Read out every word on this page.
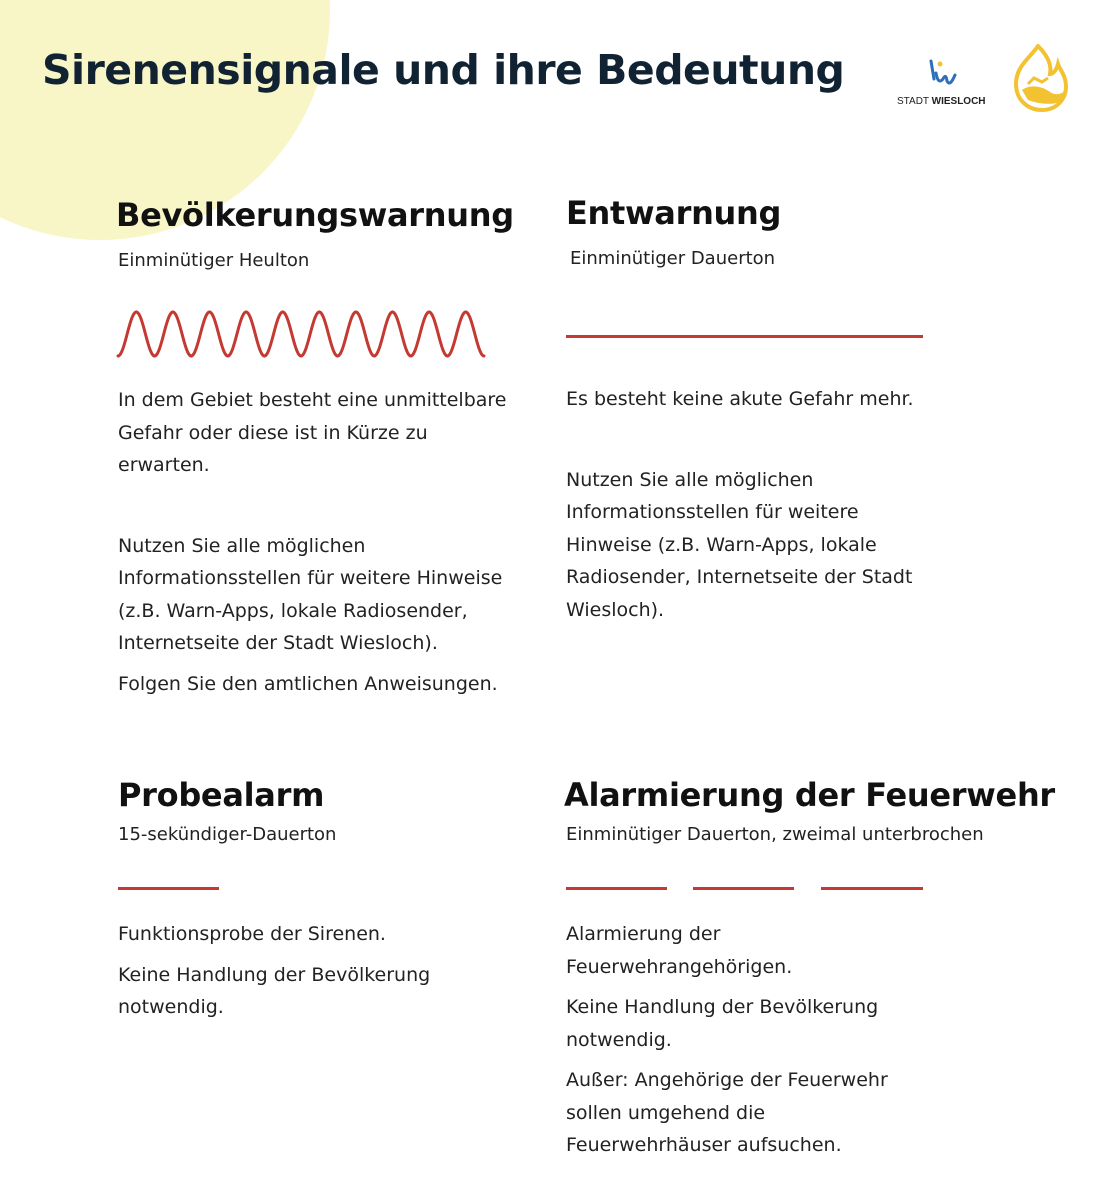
Sirenensignale und ihre Bedeutung
STADT WIESLOCH
Bevölkerungswarnung

Einminütiger Heulton

In dem Gebiet besteht eine unmittelbare Gefahr oder diese ist in Kürze zu erwarten.

Nutzen Sie alle möglichen Informationsstellen für weitere Hinweise (z.B. Warn-Apps, lokale Radiosender, Internetseite der Stadt Wiesloch).

Folgen Sie den amtlichen Anweisungen.

Entwarnung

Einminütiger Dauerton

Es besteht keine akute Gefahr mehr.

Nutzen Sie alle möglichen Informationsstellen für weitere Hinweise (z.B. Warn-Apps, lokale Radiosender, Internetseite der Stadt Wiesloch).

Probealarm

15-sekündiger-Dauerton

Funktionsprobe der Sirenen.

Keine Handlung der Bevölkerung notwendig.

Alarmierung der Feuerwehr

Einminütiger Dauerton, zweimal unterbrochen

Alarmierung der Feuerwehrangehörigen.

Keine Handlung der Bevölkerung notwendig.

Außer: Angehörige der Feuerwehr sollen umgehend die Feuerwehrhäuser aufsuchen.
